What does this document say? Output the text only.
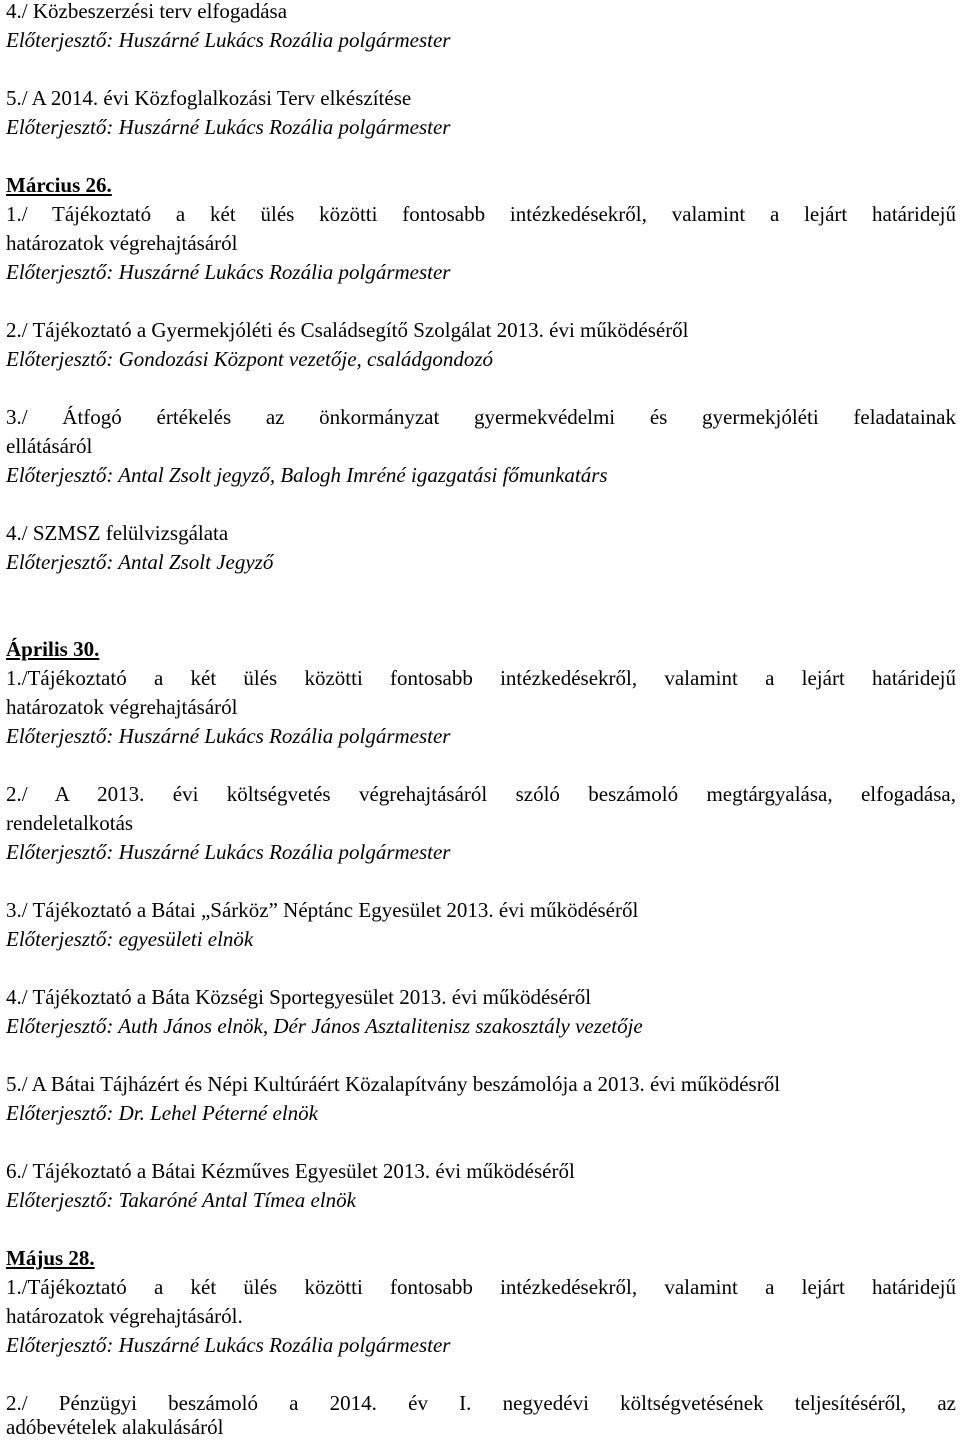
4./ Közbeszerzési terv elfogadása
Előterjesztő: Huszárné Lukács Rozália polgármester
5./ A 2014. évi Közfoglalkozási Terv elkészítése
Előterjesztő: Huszárné Lukács Rozália polgármester
Március 26.
1./ Tájékoztató a két ülés közötti fontosabb intézkedésekről, valamint a lejárt határidejű
határozatok végrehajtásáról
Előterjesztő: Huszárné Lukács Rozália polgármester
2./ Tájékoztató a Gyermekjóléti és Családsegítő Szolgálat 2013. évi működéséről
Előterjesztő: Gondozási Központ vezetője, családgondozó
3./ Átfogó értékelés az önkormányzat gyermekvédelmi és gyermekjóléti feladatainak
ellátásáról
Előterjesztő: Antal Zsolt jegyző, Balogh Imréné igazgatási főmunkatárs
4./ SZMSZ felülvizsgálata
Előterjesztő: Antal Zsolt Jegyző
Április 30.
1./Tájékoztató a két ülés közötti fontosabb intézkedésekről, valamint a lejárt határidejű
határozatok végrehajtásáról
Előterjesztő: Huszárné Lukács Rozália polgármester
2./ A 2013. évi költségvetés végrehajtásáról szóló beszámoló megtárgyalása, elfogadása,
rendeletalkotás
Előterjesztő: Huszárné Lukács Rozália polgármester
3./ Tájékoztató a Bátai „Sárköz” Néptánc Egyesület 2013. évi működéséről
Előterjesztő: egyesületi elnök
4./ Tájékoztató a Báta Községi Sportegyesület 2013. évi működéséről
Előterjesztő: Auth János elnök, Dér János Asztalitenisz szakosztály vezetője
5./ A Bátai Tájházért és Népi Kultúráért Közalapítvány beszámolója a 2013. évi működésről
Előterjesztő: Dr. Lehel Péterné elnök
6./ Tájékoztató a Bátai Kézműves Egyesület 2013. évi működéséről
Előterjesztő: Takaróné Antal Tímea elnök
Május 28.
1./Tájékoztató a két ülés közötti fontosabb intézkedésekről, valamint a lejárt határidejű
határozatok végrehajtásáról.
Előterjesztő: Huszárné Lukács Rozália polgármester
2./ Pénzügyi beszámoló a 2014. év I. negyedévi költségvetésének teljesítéséről, az
adóbevételek alakulásáról
